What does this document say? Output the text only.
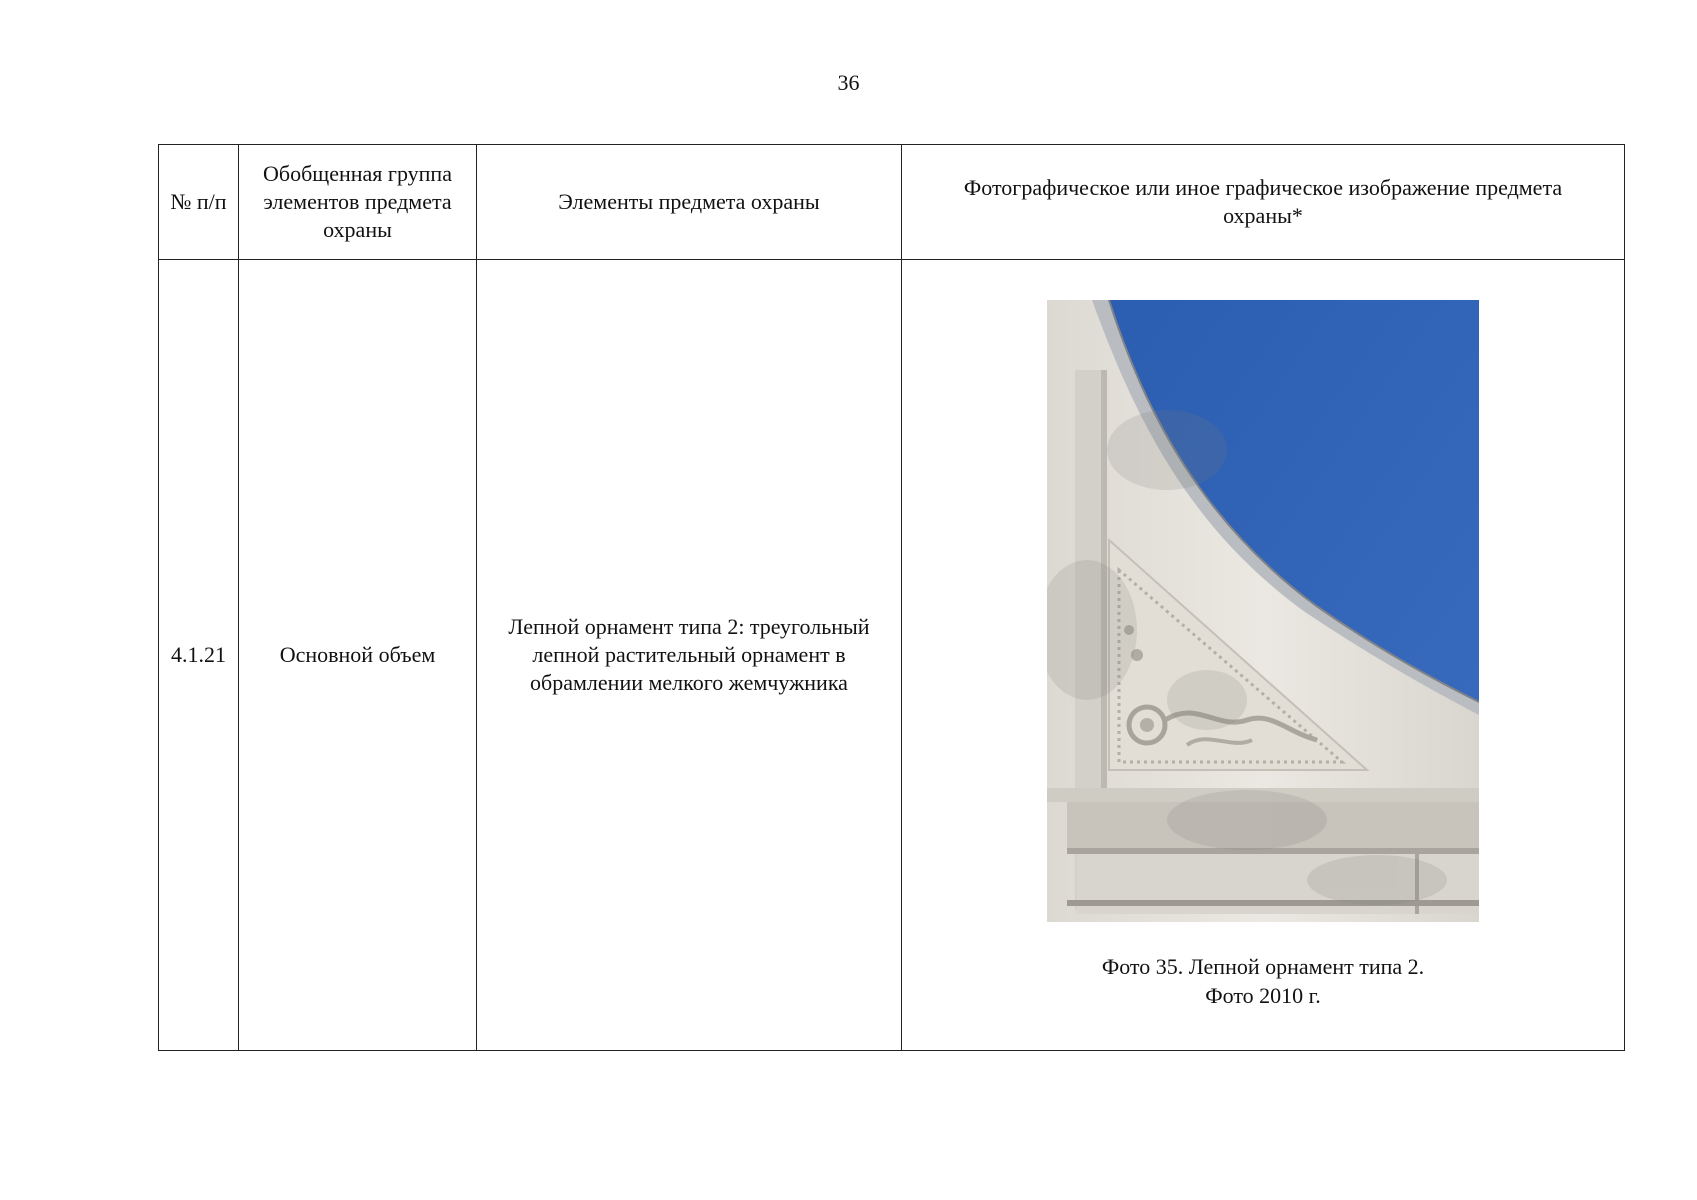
36
№ п/п	Обобщенная группа элементов предмета охраны	Элементы предмета охраны	Фотографическое или иное графическое изображение предмета охраны*
4.1.21	Основной объем	Лепной орнамент типа 2: треугольный лепной растительный орнамент в обрамлении мелкого жемчужника	Фото 35. Лепной орнамент типа 2.
Фото 2010 г.
